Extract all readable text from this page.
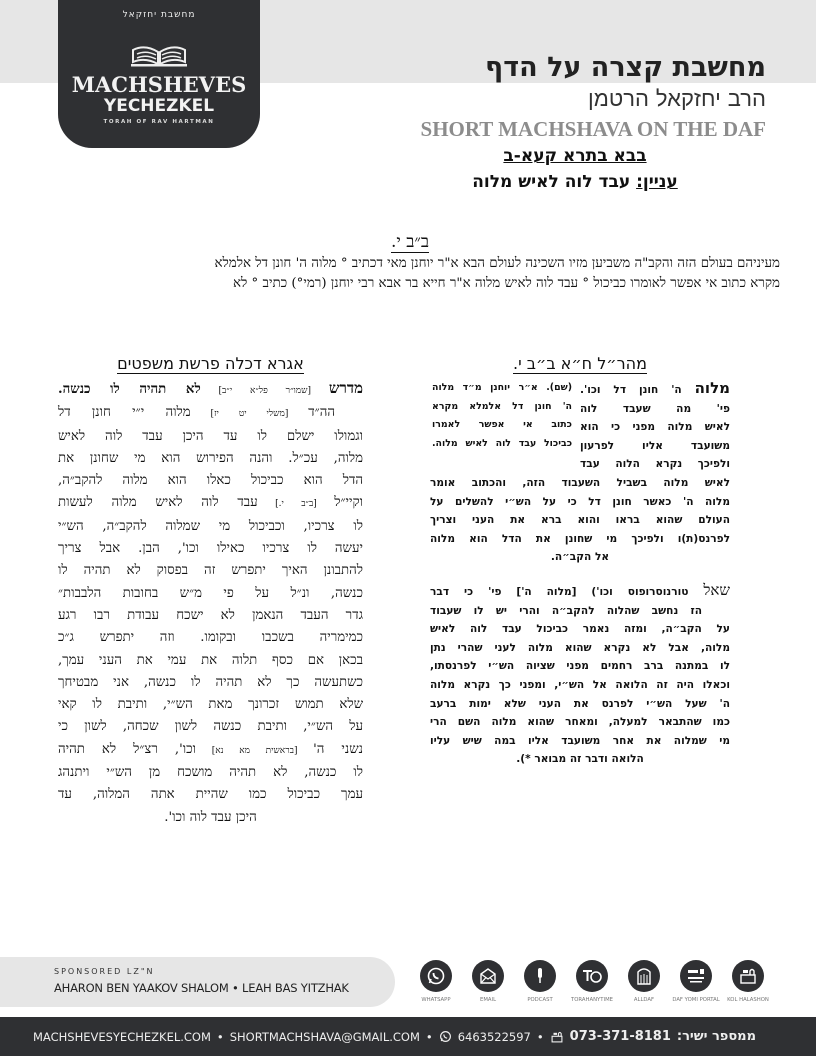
מחשבת יחזקאל
MACHSHEVES
YECHEZKEL
TORAH OF RAV HARTMAN
מחשבת קצרה על הדף
הרב יחזקאל הרטמן
SHORT MACHSHAVA ON THE DAF
בבא בתרא קעא-ב
עניין: עבד לוה לאיש מלוה
ב״ב י.
מעיניהם בעולם הזה והקב"ה משביען מזיו השכינה לעולם הבא א"ר יוחנן מאי דכתיב ° מלוה ה' חונן דל אלמלא
מקרא כתוב אי אפשר לאומרו כביכול ° עבד לוה לאיש מלוה א"ר חייא בר אבא רבי יוחנן (רמי°) כתיב ° לא
מהר״ל ח״א ב״ב י.
מלוה ה' חונן דל וכו'.
פי' מה שעבד לוה
לאיש מלוה מפני כי הוא
משועבד אליו לפרעון
ולפיכך נקרא הלוה עבד
(שם). א״ר יוחנן מ״ד מלוה
ה' חונן דל אלמלא מקרא
כתוב אי אפשר לאמרו
כביכול עבד לוה לאיש מלוה.
לאיש מלוה בשביל השעבוד הזה, והכתוב אומר
מלוה ה' כאשר חונן דל כי על הש״י להשלים על
העולם שהוא בראו והוא ברא את העני וצריך
לפרנס(ת)ו ולפיכך מי שחונן את הדל הוא מלוה
אל הקב״ה.
שאל טורנוסרופוס וכו') [מלוה ה'] פי' כי דבר
הז נחשב שהלוה להקב״ה והרי יש לו שעבוד
על הקב״ה, ומזה נאמר כביכול עבד לוה לאיש
מלוה, אבל לא נקרא שהוא מלוה לעני שהרי נתן
לו במתנה ברב רחמים מפני שציוה הש״י לפרנסתו,
וכאלו היה זה הלואה אל הש״י, ומפני כך נקרא מלוה
ה' שעל הש״י לפרנס את העני שלא ימות ברעב
כמו שהתבאר למעלה, ומאחר שהוא מלוה השם הרי
מי שמלוה את אחר משועבד אליו במה שיש עליו
הלואה ודבר זה מבואר *).
אגרא דכלה פרשת משפטים
מדרש [שמו״ר פל״א י״ב] לא תהיה לו כנשה.
הה״ד [משלי יט יז] מלוה י״י חונן דל
וגמולו ישלם לו עד היכן עבד לוה לאיש
מלוה, עכ״ל. והנה הפירוש הוא מי שחונן את
הדל הוא כביכול כאלו הוא מלוה להקב״ה,
וקיי״ל [ב״ב י.] עבד לוה לאיש מלוה לעשות
לו צרכיו, וכביכול מי שמלוה להקב״ה, הש״י
יעשה לו צרכיו כאילו וכו', הבן. אבל צריך
להתבונן האיך יתפרש זה בפסוק לא תהיה לו
כנשה, ונ״ל על פי מ״ש בחובות הלבבות״
גדר העבד הנאמן לא ישכח עבודת רבו רגע
כמימריה בשכבו ובקומו. וזה יתפרש ג״כ
בכאן אם כסף תלוה את עמי את העני עמך,
כשתעשה כך לא תהיה לו כנשה, אני מבטיחך
שלא תמוש זכרונך מאת הש״י, ותיבת לו קאי
על הש״י, ותיבת כנשה לשון שכחה, לשון כי
נשני ה' [בראשית מא נא] וכו', רצ״ל לא תהיה
לו כנשה, לא תהיה מושכח מן הש״י ויתנהג
עמך כביכול כמו שהיית אתה המלוה, עד
היכן עבד לוה וכו'.
SPONSORED LZ"N
AHARON BEN YAAKOV SHALOM • LEAH BAS YITZHAK
WHATSAPP	EMAIL	PODCAST	TORAHANYTIME	ALLDAF	DAF YOMI PORTAL	KOL HALASHON
MACHSHEVESYECHEZKEL.COM • SHORTMACHSHAVA@GMAIL.COM • 6463522597 • 073-371-8181 ממספר ישיר:
